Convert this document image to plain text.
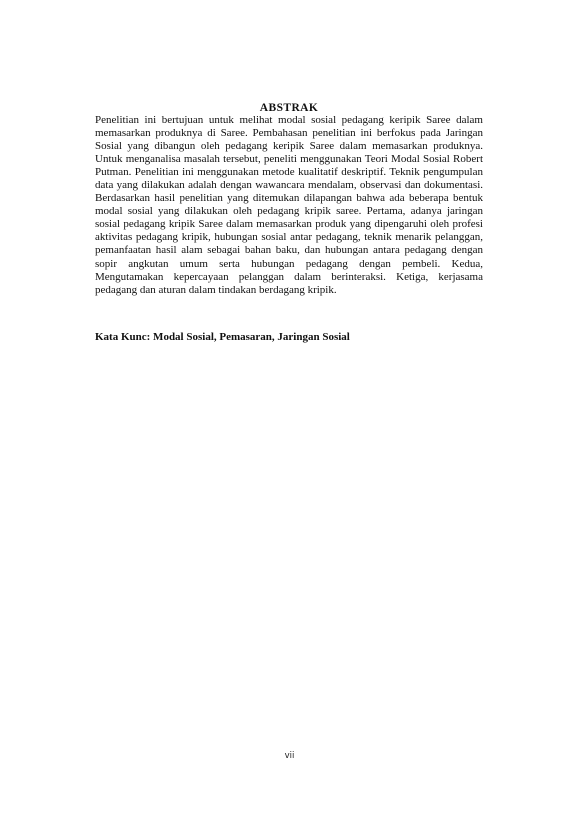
ABSTRAK

Penelitian ini bertujuan untuk melihat modal sosial pedagang keripik Saree dalam memasarkan produknya di Saree. Pembahasan penelitian ini berfokus pada Jaringan Sosial yang dibangun oleh pedagang keripik Saree dalam memasarkan produknya. Untuk menganalisa masalah tersebut, peneliti menggunakan Teori Modal Sosial Robert Putman. Penelitian ini menggunakan metode kualitatif deskriptif. Teknik pengumpulan data yang dilakukan adalah dengan wawancara mendalam, observasi dan dokumentasi. Berdasarkan hasil penelitian yang ditemukan dilapangan bahwa ada beberapa bentuk modal sosial yang dilakukan oleh pedagang kripik saree. Pertama, adanya jaringan sosial pedagang kripik Saree dalam memasarkan produk yang dipengaruhi oleh profesi aktivitas pedagang kripik, hubungan sosial antar pedagang, teknik menarik pelanggan, pemanfaatan hasil alam sebagai bahan baku, dan hubungan antara pedagang dengan sopir angkutan umum serta hubungan pedagang dengan pembeli. Kedua, Mengutamakan kepercayaan pelanggan dalam berinteraksi. Ketiga, kerjasama pedagang dan aturan dalam tindakan berdagang kripik.

Kata Kunc: Modal Sosial, Pemasaran, Jaringan Sosial
vii
